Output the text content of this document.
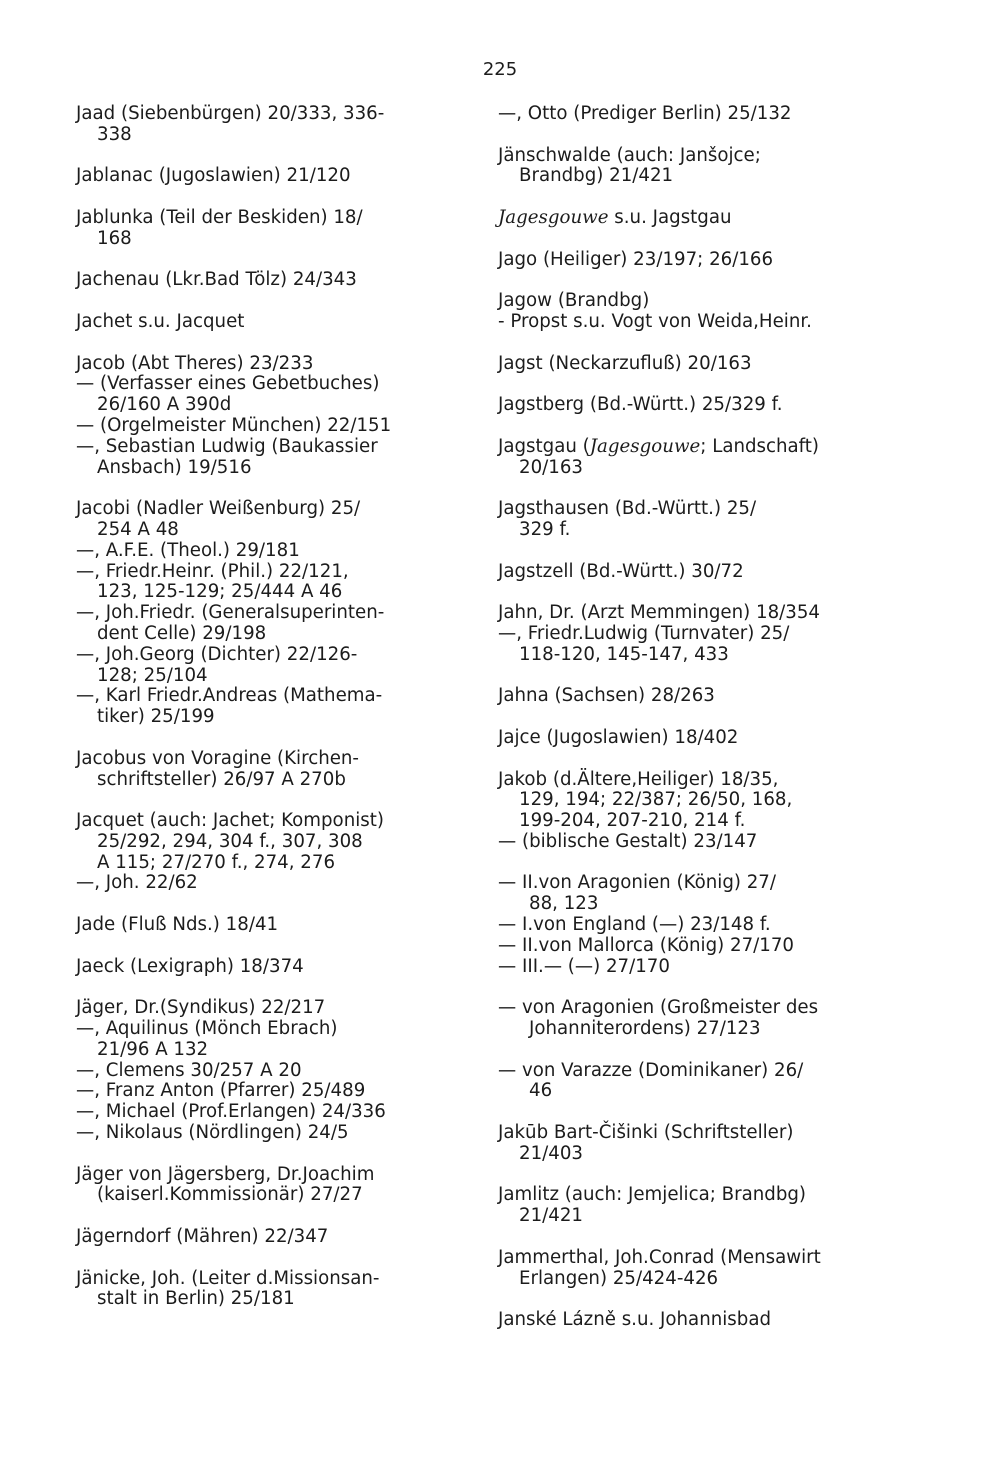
225
Jaad (Siebenbürgen) 20/333, 336-
338
Jablanac (Jugoslawien) 21/120
Jablunka (Teil der Beskiden) 18/
168
Jachenau (Lkr.Bad Tölz) 24/343
Jachet s.u. Jacquet
Jacob (Abt Theres) 23/233
— (Verfasser eines Gebetbuches)
26/160 A 390d
— (Orgelmeister München) 22/151
—, Sebastian Ludwig (Baukassier
Ansbach) 19/516
Jacobi (Nadler Weißenburg) 25/
254 A 48
—, A.F.E. (Theol.) 29/181
—, Friedr.Heinr. (Phil.) 22/121,
123, 125-129; 25/444 A 46
—, Joh.Friedr. (Generalsuperinten-
dent Celle) 29/198
—, Joh.Georg (Dichter) 22/126-
128; 25/104
—, Karl Friedr.Andreas (Mathema-
tiker) 25/199
Jacobus von Voragine (Kirchen-
schriftsteller) 26/97 A 270b
Jacquet (auch: Jachet; Komponist)
25/292, 294, 304 f., 307, 308
A 115; 27/270 f., 274, 276
—, Joh. 22/62
Jade (Fluß Nds.) 18/41
Jaeck (Lexigraph) 18/374
Jäger, Dr.(Syndikus) 22/217
—, Aquilinus (Mönch Ebrach)
21/96 A 132
—, Clemens 30/257 A 20
—, Franz Anton (Pfarrer) 25/489
—, Michael (Prof.Erlangen) 24/336
—, Nikolaus (Nördlingen) 24/5
Jäger von Jägersberg, Dr.Joachim
(kaiserl.Kommissionär) 27/27
Jägerndorf (Mähren) 22/347
Jänicke, Joh. (Leiter d.Missionsan-
stalt in Berlin) 25/181
—, Otto (Prediger Berlin) 25/132
Jänschwalde (auch: Janšojce;
Brandbg) 21/421
Jagesgouwe s.u. Jagstgau
Jago (Heiliger) 23/197; 26/166
Jagow (Brandbg)
- Propst s.u. Vogt von Weida,Heinr.
Jagst (Neckarzufluß) 20/163
Jagstberg (Bd.-Württ.) 25/329 f.
Jagstgau (Jagesgouwe; Landschaft)
20/163
Jagsthausen (Bd.-Württ.) 25/
329 f.
Jagstzell (Bd.-Württ.) 30/72
Jahn, Dr. (Arzt Memmingen) 18/354
—, Friedr.Ludwig (Turnvater) 25/
118-120, 145-147, 433
Jahna (Sachsen) 28/263
Jajce (Jugoslawien) 18/402
Jakob (d.Ältere,Heiliger) 18/35,
129, 194; 22/387; 26/50, 168,
199-204, 207-210, 214 f.
— (biblische Gestalt) 23/147
— II.von Aragonien (König) 27/
88, 123
— I.von England (—) 23/148 f.
— II.von Mallorca (König) 27/170
— III.— (—) 27/170
— von Aragonien (Großmeister des
Johanniterordens) 27/123
— von Varazze (Dominikaner) 26/
46
Jakūb Bart-Čišinki (Schriftsteller)
21/403
Jamlitz (auch: Jemjelica; Brandbg)
21/421
Jammerthal, Joh.Conrad (Mensawirt
Erlangen) 25/424-426
Janské Lázně s.u. Johannisbad
